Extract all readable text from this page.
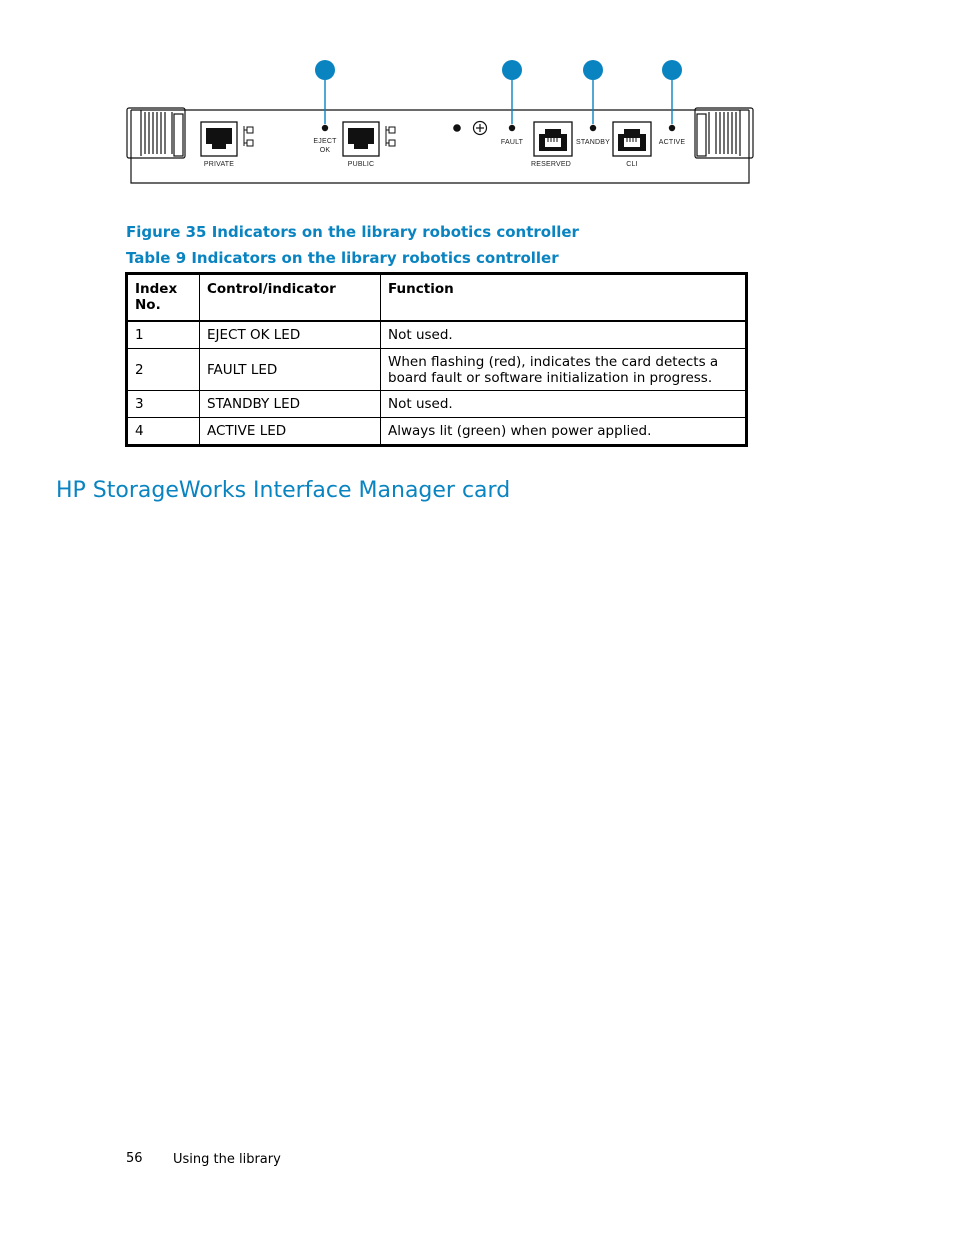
PRIVATE
EJECT
OK
PUBLIC
FAULT
RESERVED
STANDBY
CLI
ACTIVE

Figure 35 Indicators on the library robotics controller

Table 9 Indicators on the library robotics controller

Index
No.	Control/indicator	Function
1	EJECT OK LED	Not used.
2	FAULT LED	When flashing (red), indicates the card detects a board fault or software initialization in progress.
3	STANDBY LED	Not used.
4	ACTIVE LED	Always lit (green) when power applied.
HP StorageWorks Interface Manager card
56 Using the library
